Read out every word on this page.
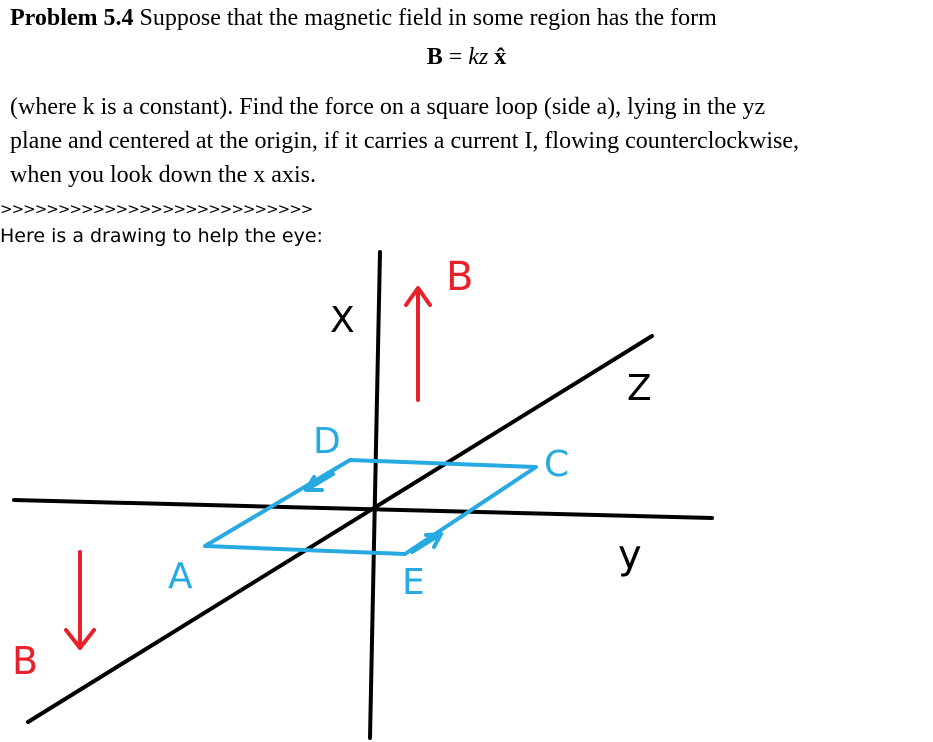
Problem 5.4 Suppose that the magnetic field in some region has the form
B = kz x̂
(where k is a constant). Find the force on a square loop (side a), lying in the yz
plane and centered at the origin, if it carries a current I, flowing counterclockwise,
when you look down the x axis.
>>>>>>>>>>>>>>>>>>>>>>>>>>>
Here is a drawing to help the eye:
X
Z
y
B
B
D
C
A	E
